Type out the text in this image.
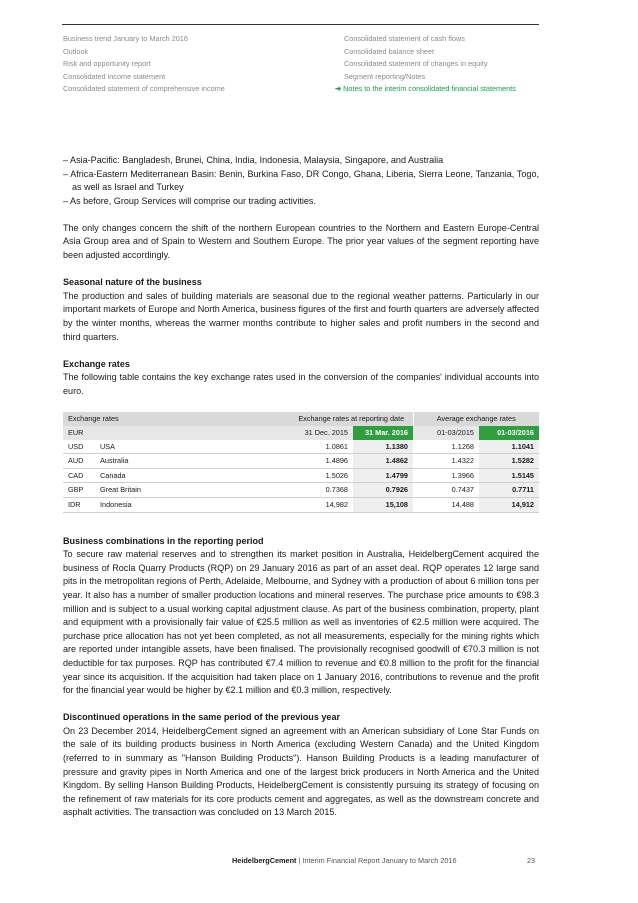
Business trend January to March 2016
Outlook
Risk and opportunity report
Consolidated income statement
Consolidated statement of comprehensive income
Consolidated statement of cash flows
Consolidated balance sheet
Consolidated statement of changes in equity
Segment reporting/Notes
➜ Notes to the interim consolidated financial statements
– Asia-Pacific: Bangladesh, Brunei, China, India, Indonesia, Malaysia, Singapore, and Australia
– Africa-Eastern Mediterranean Basin: Benin, Burkina Faso, DR Congo, Ghana, Liberia, Sierra Leone, Tanzania, Togo, as well as Israel and Turkey
– As before, Group Services will comprise our trading activities.

The only changes concern the shift of the northern European countries to the Northern and Eastern Europe-Central Asia Group area and of Spain to Western and Southern Europe. The prior year values of the segment reporting have been adjusted accordingly.

Seasonal nature of the business

The production and sales of building materials are seasonal due to the regional weather patterns. Particularly in our important markets of Europe and North America, business figures of the first and fourth quarters are adversely affected by the winter months, whereas the warmer months contribute to higher sales and profit numbers in the second and third quarters.

Exchange rates

The following table contains the key exchange rates used in the conversion of the companies' individual accounts into euro.

Exchange rates		Exchange rates at reporting date		Average exchange rates	
EUR		31 Dec. 2015	31 Mar. 2016	01-03/2015	01-03/2016
USD	USA	1.0861	1.1380	1.1268	1.1041
AUD	Australia	1.4896	1.4862	1.4322	1.5282
CAD	Canada	1.5026	1.4799	1.3966	1.5145
GBP	Great Britain	0.7368	0.7926	0.7437	0.7711
IDR	Indonesia	14,982	15,108	14,488	14,912

Business combinations in the reporting period

To secure raw material reserves and to strengthen its market position in Australia, HeidelbergCement acquired the business of Rocla Quarry Products (RQP) on 29 January 2016 as part of an asset deal. RQP operates 12 large sand pits in the metropolitan regions of Perth, Adelaide, Melbourne, and Sydney with a production of about 6 million tons per year. It also has a number of smaller production locations and mineral reserves. The purchase price amounts to €98.3 million and is subject to a usual working capital adjustment clause. As part of the business combination, property, plant and equipment with a provisionally fair value of €25.5 million as well as inventories of €2.5 million were acquired. The purchase price allocation has not yet been completed, as not all measurements, especially for the mining rights which are reported under intangible assets, have been finalised. The provisionally recognised goodwill of €70.3 million is not deductible for tax purposes. RQP has contributed €7.4 million to revenue and €0.8 million to the profit for the financial year since its acquisition. If the acquisition had taken place on 1 January 2016, contributions to revenue and the profit for the financial year would be higher by €2.1 million and €0.3 million, respectively.

Discontinued operations in the same period of the previous year

On 23 December 2014, HeidelbergCement signed an agreement with an American subsidiary of Lone Star Funds on the sale of its building products business in North America (excluding Western Canada) and the United Kingdom (referred to in summary as "Hanson Building Products"). Hanson Building Products is a leading manufacturer of pressure and gravity pipes in North America and one of the largest brick producers in North America and the United Kingdom. By selling Hanson Building Products, HeidelbergCement is consistently pursuing its strategy of focusing on the refinement of raw materials for its core products cement and aggregates, as well as the downstream concrete and asphalt activities. The transaction was concluded on 13 March 2015.

HeidelbergCement | Interim Financial Report January to March 2016	23
